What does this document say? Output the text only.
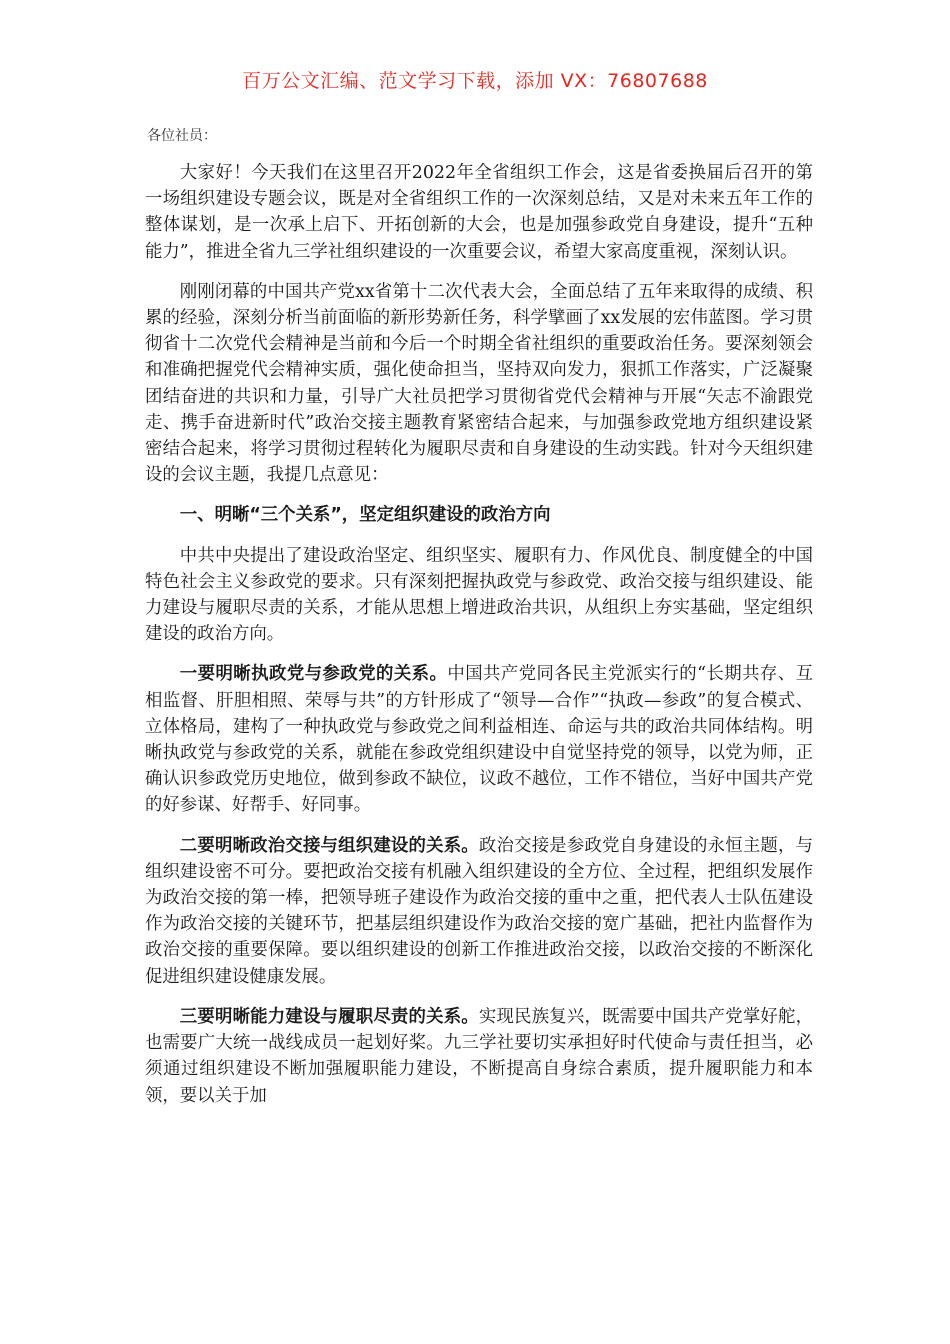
百万公文汇编、范文学习下载，添加 VX：76807688
各位社员：

大家好！今天我们在这里召开2022年全省组织工作会，这是省委换届后召开的第一场组织建设专题会议，既是对全省组织工作的一次深刻总结，又是对未来五年工作的整体谋划，是一次承上启下、开拓创新的大会，也是加强参政党自身建设，提升“五种能力”，推进全省九三学社组织建设的一次重要会议，希望大家高度重视，深刻认识。

刚刚闭幕的中国共产党xx省第十二次代表大会，全面总结了五年来取得的成绩、积累的经验，深刻分析当前面临的新形势新任务，科学擘画了xx发展的宏伟蓝图。学习贯彻省十二次党代会精神是当前和今后一个时期全省社组织的重要政治任务。要深刻领会和准确把握党代会精神实质，强化使命担当，坚持双向发力，狠抓工作落实，广泛凝聚团结奋进的共识和力量，引导广大社员把学习贯彻省党代会精神与开展“矢志不渝跟党走、携手奋进新时代”政治交接主题教育紧密结合起来，与加强参政党地方组织建设紧密结合起来，将学习贯彻过程转化为履职尽责和自身建设的生动实践。针对今天组织建设的会议主题，我提几点意见：

一、明晰“三个关系”，坚定组织建设的政治方向

中共中央提出了建设政治坚定、组织坚实、履职有力、作风优良、制度健全的中国特色社会主义参政党的要求。只有深刻把握执政党与参政党、政治交接与组织建设、能力建设与履职尽责的关系，才能从思想上增进政治共识，从组织上夯实基础，坚定组织建设的政治方向。

一要明晰执政党与参政党的关系。中国共产党同各民主党派实行的“长期共存、互相监督、肝胆相照、荣辱与共”的方针形成了“领导—合作”“执政—参政”的复合模式、立体格局，建构了一种执政党与参政党之间利益相连、命运与共的政治共同体结构。明晰执政党与参政党的关系，就能在参政党组织建设中自觉坚持党的领导，以党为师，正确认识参政党历史地位，做到参政不缺位，议政不越位，工作不错位，当好中国共产党的好参谋、好帮手、好同事。

二要明晰政治交接与组织建设的关系。政治交接是参政党自身建设的永恒主题，与组织建设密不可分。要把政治交接有机融入组织建设的全方位、全过程，把组织发展作为政治交接的第一棒，把领导班子建设作为政治交接的重中之重，把代表人士队伍建设作为政治交接的关键环节，把基层组织建设作为政治交接的宽广基础，把社内监督作为政治交接的重要保障。要以组织建设的创新工作推进政治交接，以政治交接的不断深化促进组织建设健康发展。

三要明晰能力建设与履职尽责的关系。实现民族复兴，既需要中国共产党掌好舵，也需要广大统一战线成员一起划好桨。九三学社要切实承担好时代使命与责任担当，必须通过组织建设不断加强履职能力建设，不断提高自身综合素质，提升履职能力和本领，要以关于加
